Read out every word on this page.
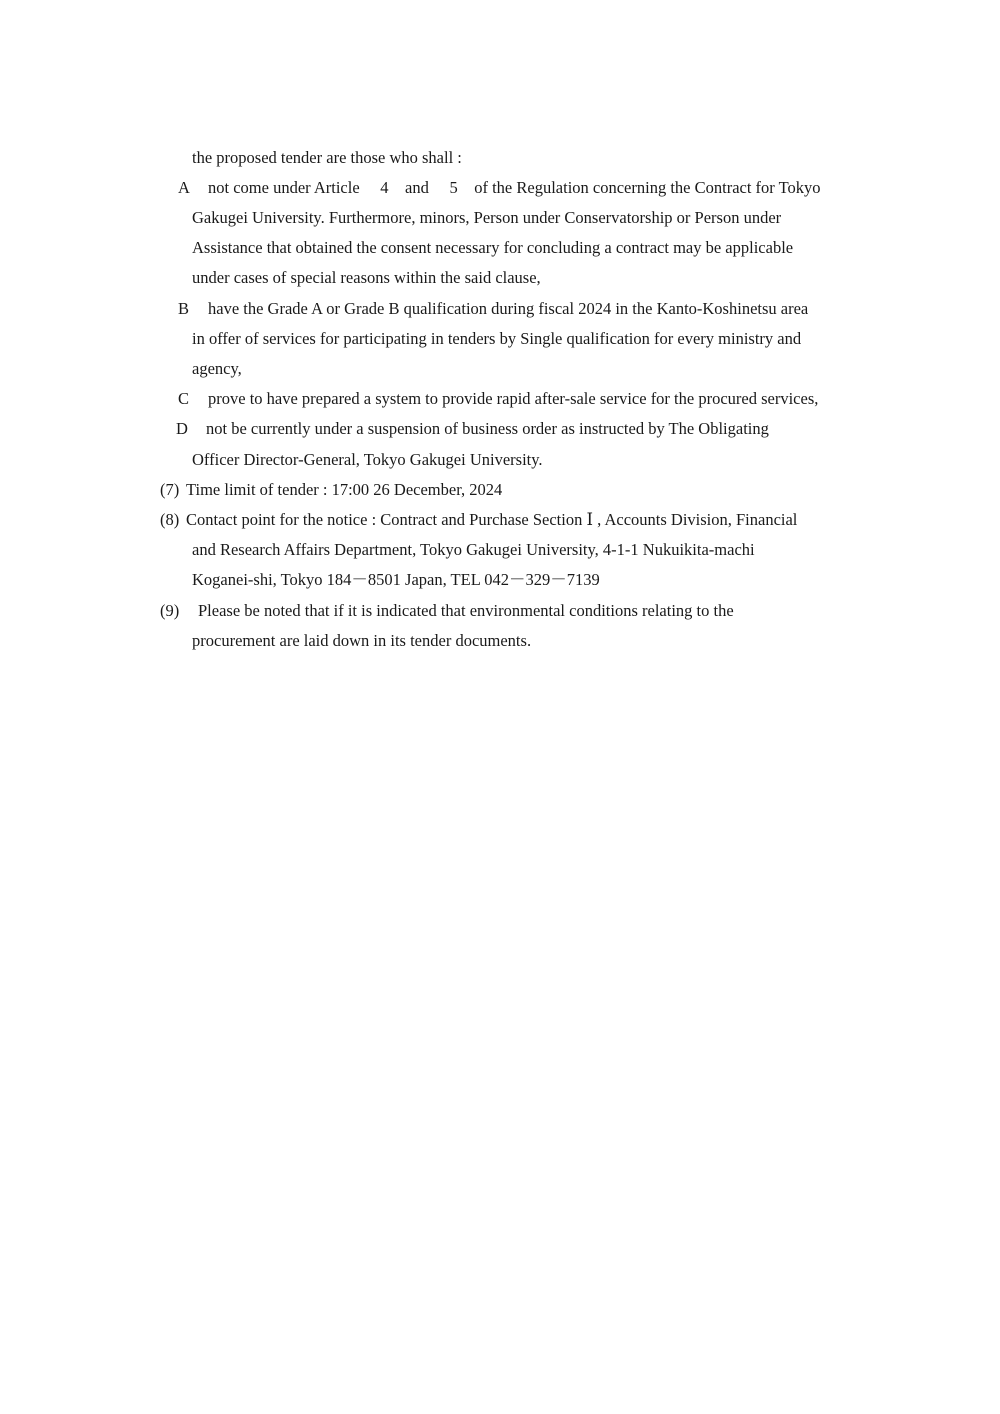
the proposed tender are those who shall :
A not come under Article 　4　and 　5　of the Regulation concerning the Contract for Tokyo
Gakugei University. Furthermore, minors, Person under Conservatorship or Person under
Assistance that obtained the consent necessary for concluding a contract may be applicable
under cases of special reasons within the said clause,
B have the Grade A or Grade B qualification during fiscal 2024 in the Kanto-Koshinetsu area
in offer of services for participating in tenders by Single qualification for every ministry and
agency,
C prove to have prepared a system to provide rapid after-sale service for the procured services,
D not be currently under a suspension of business order as instructed by The Obligating
Officer Director-General, Tokyo Gakugei University.
(7) Time limit of tender : 17:00 26 December, 2024
(8) Contact point for the notice : Contract and Purchase Section Ⅰ , Accounts Division, Financial
and Research Affairs Department, Tokyo Gakugei University, 4-1-1 Nukuikita-machi
Koganei-shi, Tokyo 184－8501 Japan, TEL 042－329－7139
(9) Please be noted that if it is indicated that environmental conditions relating to the
procurement are laid down in its tender documents.
